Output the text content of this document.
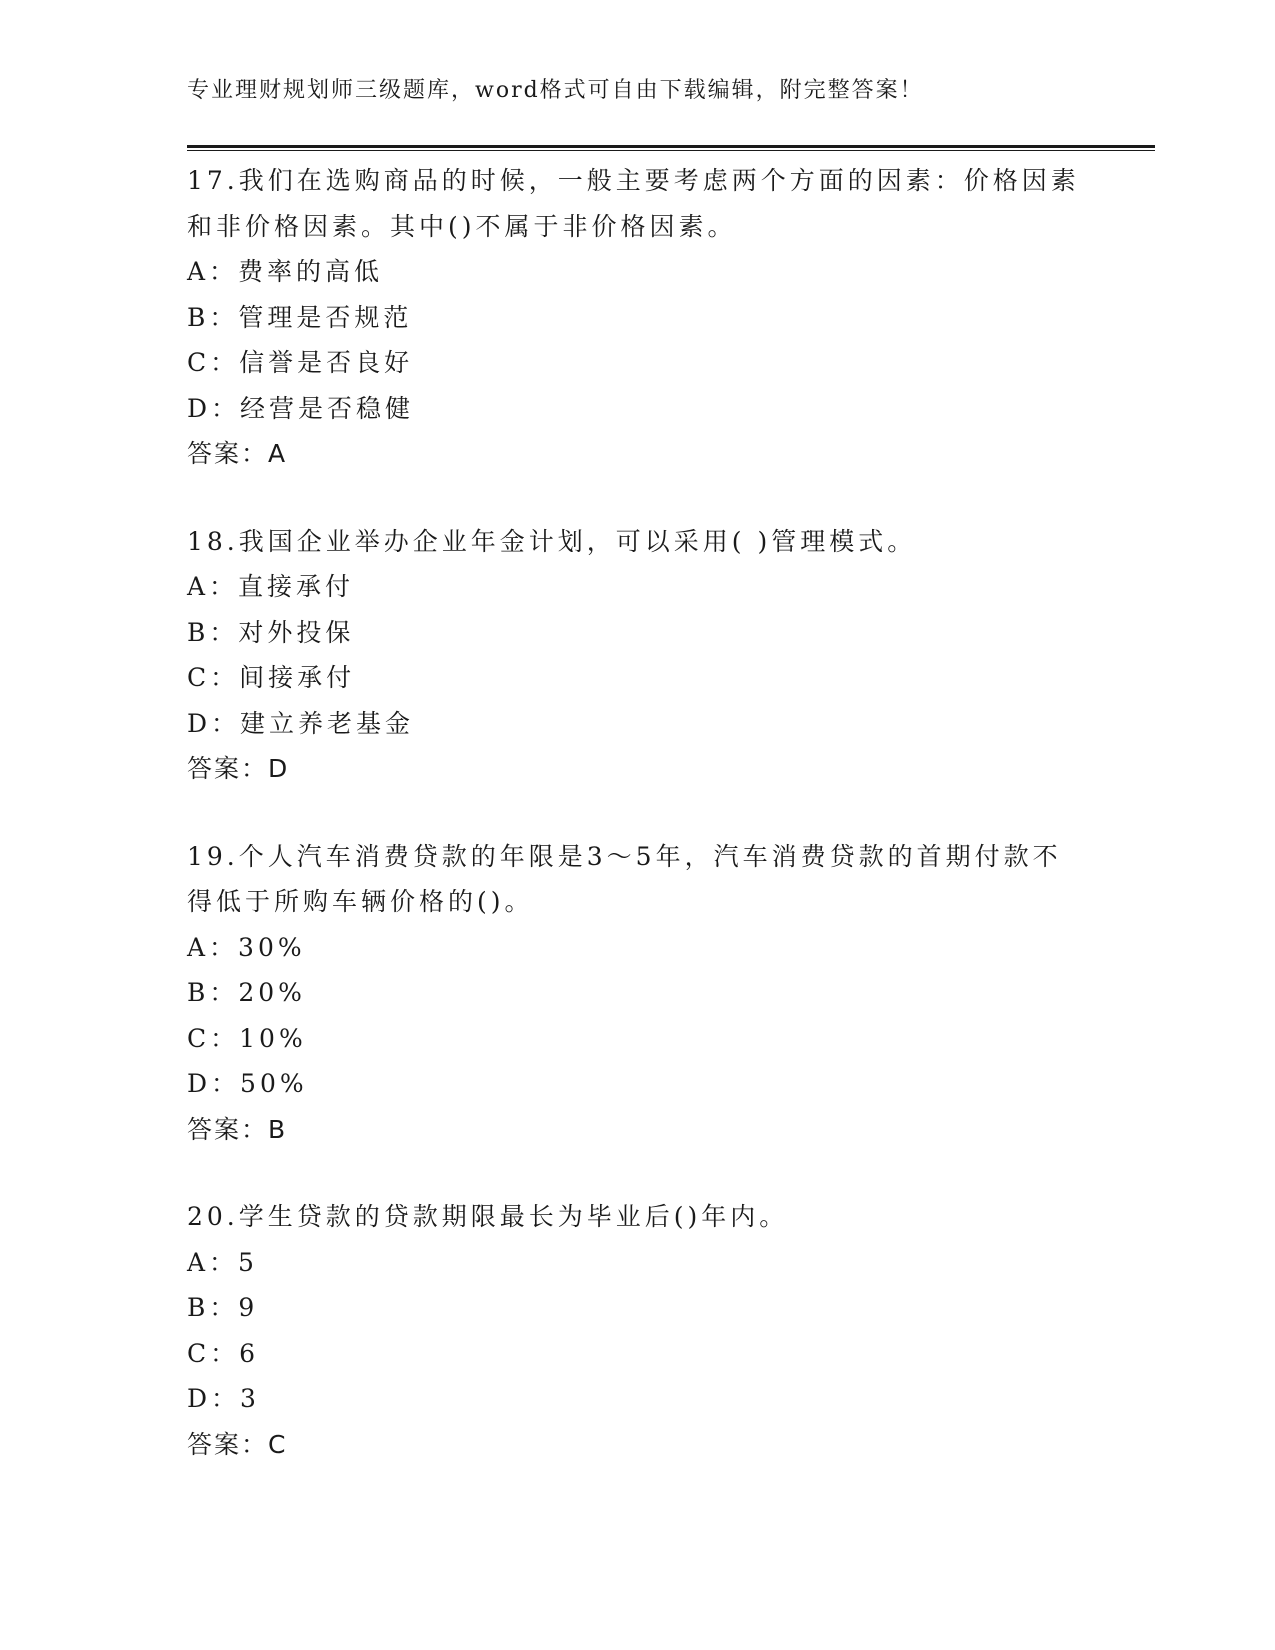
专业理财规划师三级题库，word格式可自由下载编辑，附完整答案！

17.我们在选购商品的时候，一般主要考虑两个方面的因素：价格因素

和非价格因素。其中()不属于非价格因素。

A：费率的高低

B：管理是否规范

C：信誉是否良好

D：经营是否稳健

答案：A

18.我国企业举办企业年金计划，可以采用( )管理模式。

A：直接承付

B：对外投保

C：间接承付

D：建立养老基金

答案：D

19.个人汽车消费贷款的年限是3～5年，汽车消费贷款的首期付款不

得低于所购车辆价格的()。

A：30%

B：20%

C：10%

D：50%

答案：B

20.学生贷款的贷款期限最长为毕业后()年内。

A：5

B：9

C：6

D：3

答案：C
